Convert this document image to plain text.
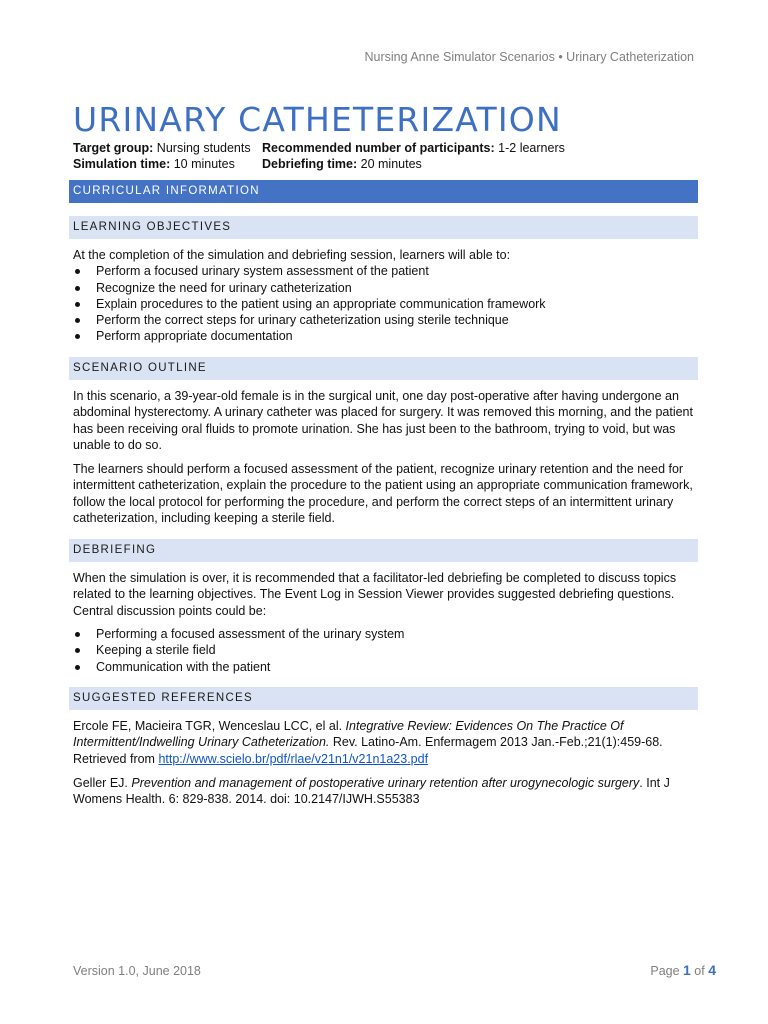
Nursing Anne Simulator Scenarios • Urinary Catheterization
URINARY CATHETERIZATION
Target group: Nursing students Recommended number of participants: 1-2 learners
Simulation time: 10 minutes Debriefing time: 20 minutes
CURRICULAR INFORMATION
LEARNING OBJECTIVES

At the completion of the simulation and debriefing session, learners will able to:

Perform a focused urinary system assessment of the patient
Recognize the need for urinary catheterization
Explain procedures to the patient using an appropriate communication framework
Perform the correct steps for urinary catheterization using sterile technique
Perform appropriate documentation
SCENARIO OUTLINE
In this scenario, a 39-year-old female is in the surgical unit, one day post-operative after having undergone an abdominal hysterectomy. A urinary catheter was placed for surgery. It was removed this morning, and the patient has been receiving oral fluids to promote urination. She has just been to the bathroom, trying to void, but was unable to do so.
The learners should perform a focused assessment of the patient, recognize urinary retention and the need for intermittent catheterization, explain the procedure to the patient using an appropriate communication framework, follow the local protocol for performing the procedure, and perform the correct steps of an intermittent urinary catheterization, including keeping a sterile field.
DEBRIEFING
When the simulation is over, it is recommended that a facilitator-led debriefing be completed to discuss topics related to the learning objectives. The Event Log in Session Viewer provides suggested debriefing questions. Central discussion points could be:
Performing a focused assessment of the urinary system
Keeping a sterile field
Communication with the patient
SUGGESTED REFERENCES
Ercole FE, Macieira TGR, Wenceslau LCC, el al. Integrative Review: Evidences On The Practice Of Intermittent/Indwelling Urinary Catheterization. Rev. Latino-Am. Enfermagem 2013 Jan.-Feb.;21(1):459-68. Retrieved from http://www.scielo.br/pdf/rlae/v21n1/v21n1a23.pdf
Geller EJ. Prevention and management of postoperative urinary retention after urogynecologic surgery. Int J Womens Health. 6: 829-838. 2014. doi: 10.2147/IJWH.S55383
Version 1.0, June 2018	Page 1 of 4
